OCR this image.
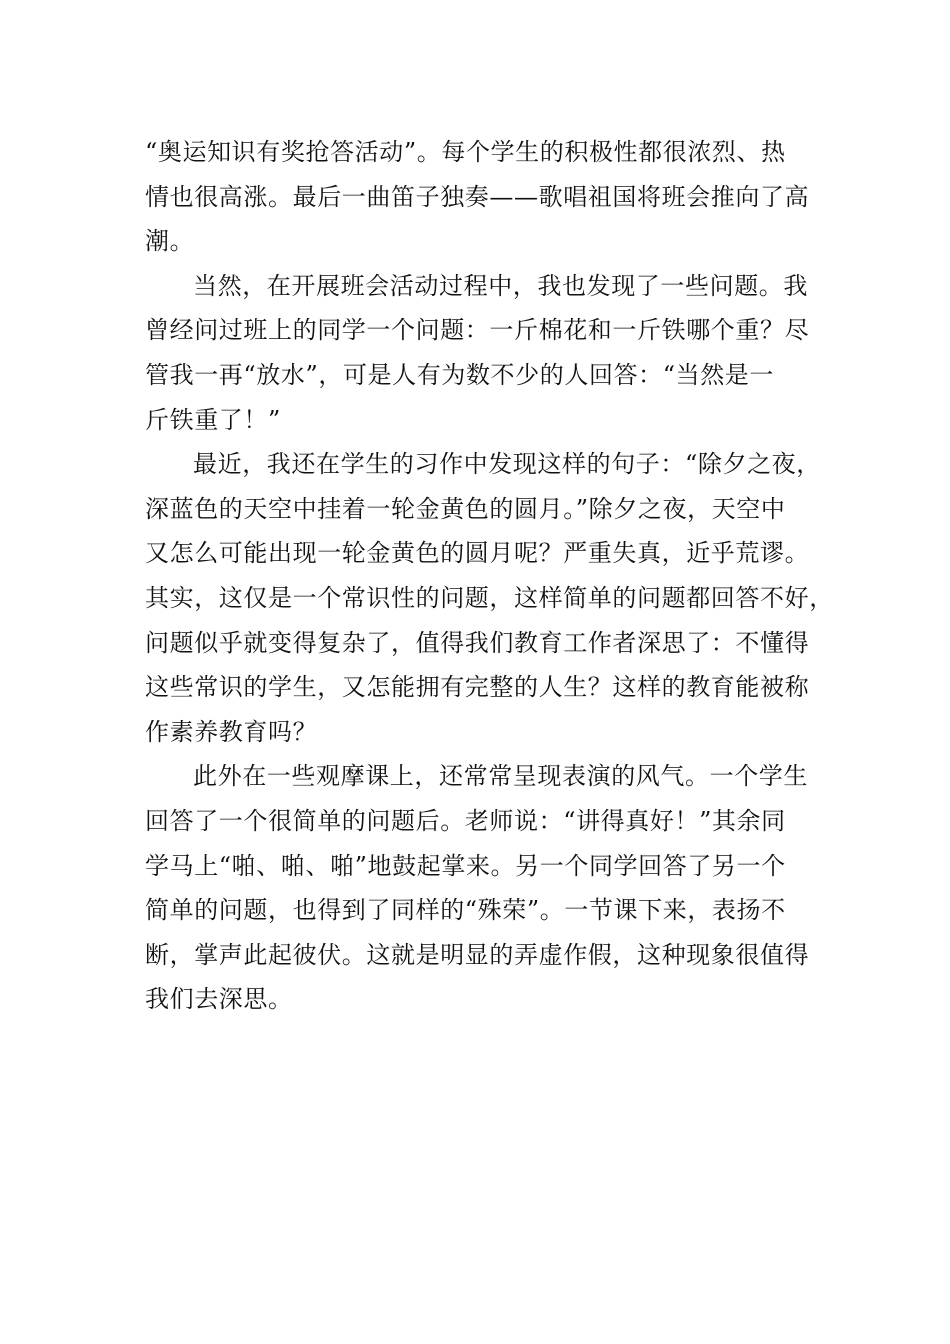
“奥运知识有奖抢答活动”。每个学生的积极性都很浓烈、热
情也很高涨。最后一曲笛子独奏——歌唱祖国将班会推向了高
潮。
当然，在开展班会活动过程中，我也发现了一些问题。我
曾经问过班上的同学一个问题：一斤棉花和一斤铁哪个重？尽
管我一再“放水”，可是人有为数不少的人回答：“当然是一
斤铁重了！”
最近，我还在学生的习作中发现这样的句子：“除夕之夜，
深蓝色的天空中挂着一轮金黄色的圆月。”除夕之夜，天空中
又怎么可能出现一轮金黄色的圆月呢？严重失真，近乎荒谬。
其实，这仅是一个常识性的问题，这样简单的问题都回答不好，
问题似乎就变得复杂了，值得我们教育工作者深思了：不懂得
这些常识的学生，又怎能拥有完整的人生？这样的教育能被称
作素养教育吗？
此外在一些观摩课上，还常常呈现表演的风气。一个学生
回答了一个很简单的问题后。老师说：“讲得真好！”其余同
学马上“啪、啪、啪”地鼓起掌来。另一个同学回答了另一个
简单的问题，也得到了同样的“殊荣”。一节课下来，表扬不
断，掌声此起彼伏。这就是明显的弄虚作假，这种现象很值得
我们去深思。
